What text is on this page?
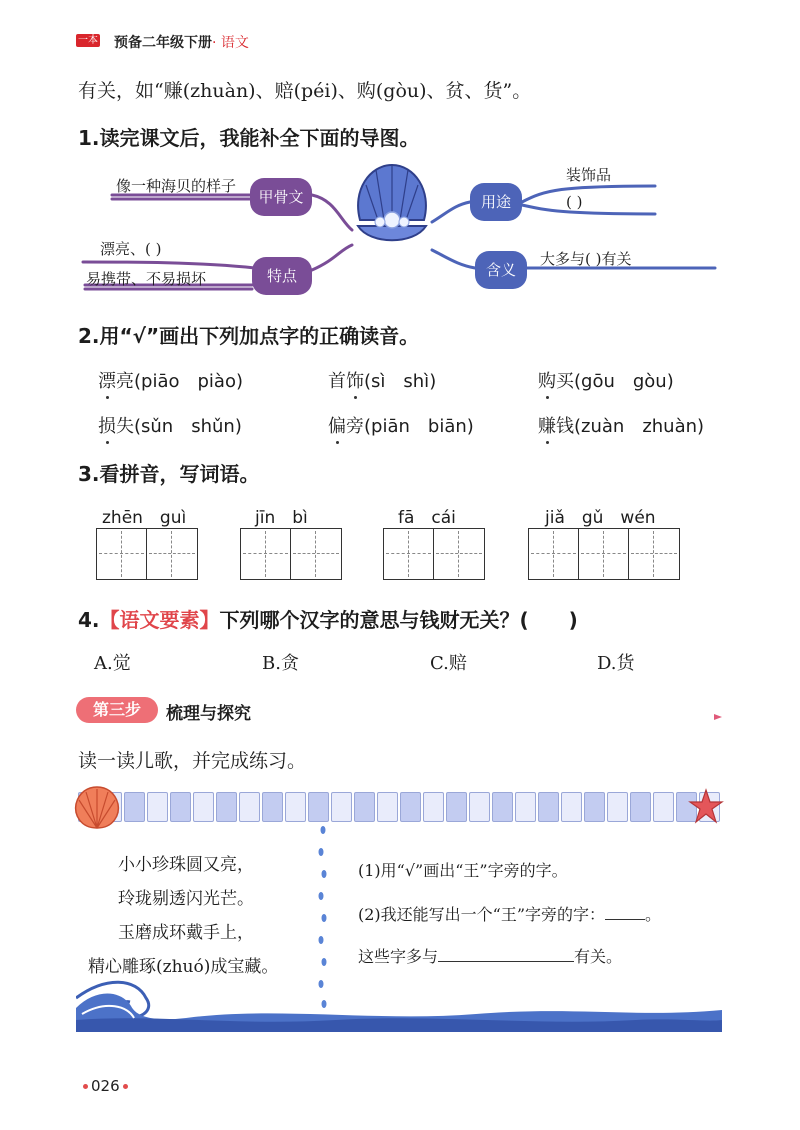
一本 预备二年级下册· 语文
有关，如“赚(zhuàn)、赔(péi)、购(gòu)、贫、货”。
1.读完课文后，我能补全下面的导图。
像一种海贝的样子
甲骨文
漂亮、( )
易携带、不易损坏	特点
用途
装饰品
( )
含义
大多与( )有关
2.用“√”画出下列加点字的正确读音。
漂亮(piāo　piào)	首饰(sì　shì)	购买(gōu　gòu)
损失(sǔn　shǔn)	偏旁(piān　biān)	赚钱(zuàn　zhuàn)
3.看拼音，写词语。
zhēn　guì	jīn　bì	fā　cái	jiǎ　gǔ　wén
4.【语文要素】下列哪个汉字的意思与钱财无关？(　　)
A.觉	B.贪	C.赔	D.货
第三步	梳理与探究
读一读儿歌，并完成练习。
小小珍珠圆又亮，
玲珑剔透闪光芒。
玉磨成环戴手上，
精心雕琢(zhuó)成宝藏。
(1)用“√”画出“王”字旁的字。
(2)我还能写出一个“王”字旁的字：	。
这些字多与	有关。
026
